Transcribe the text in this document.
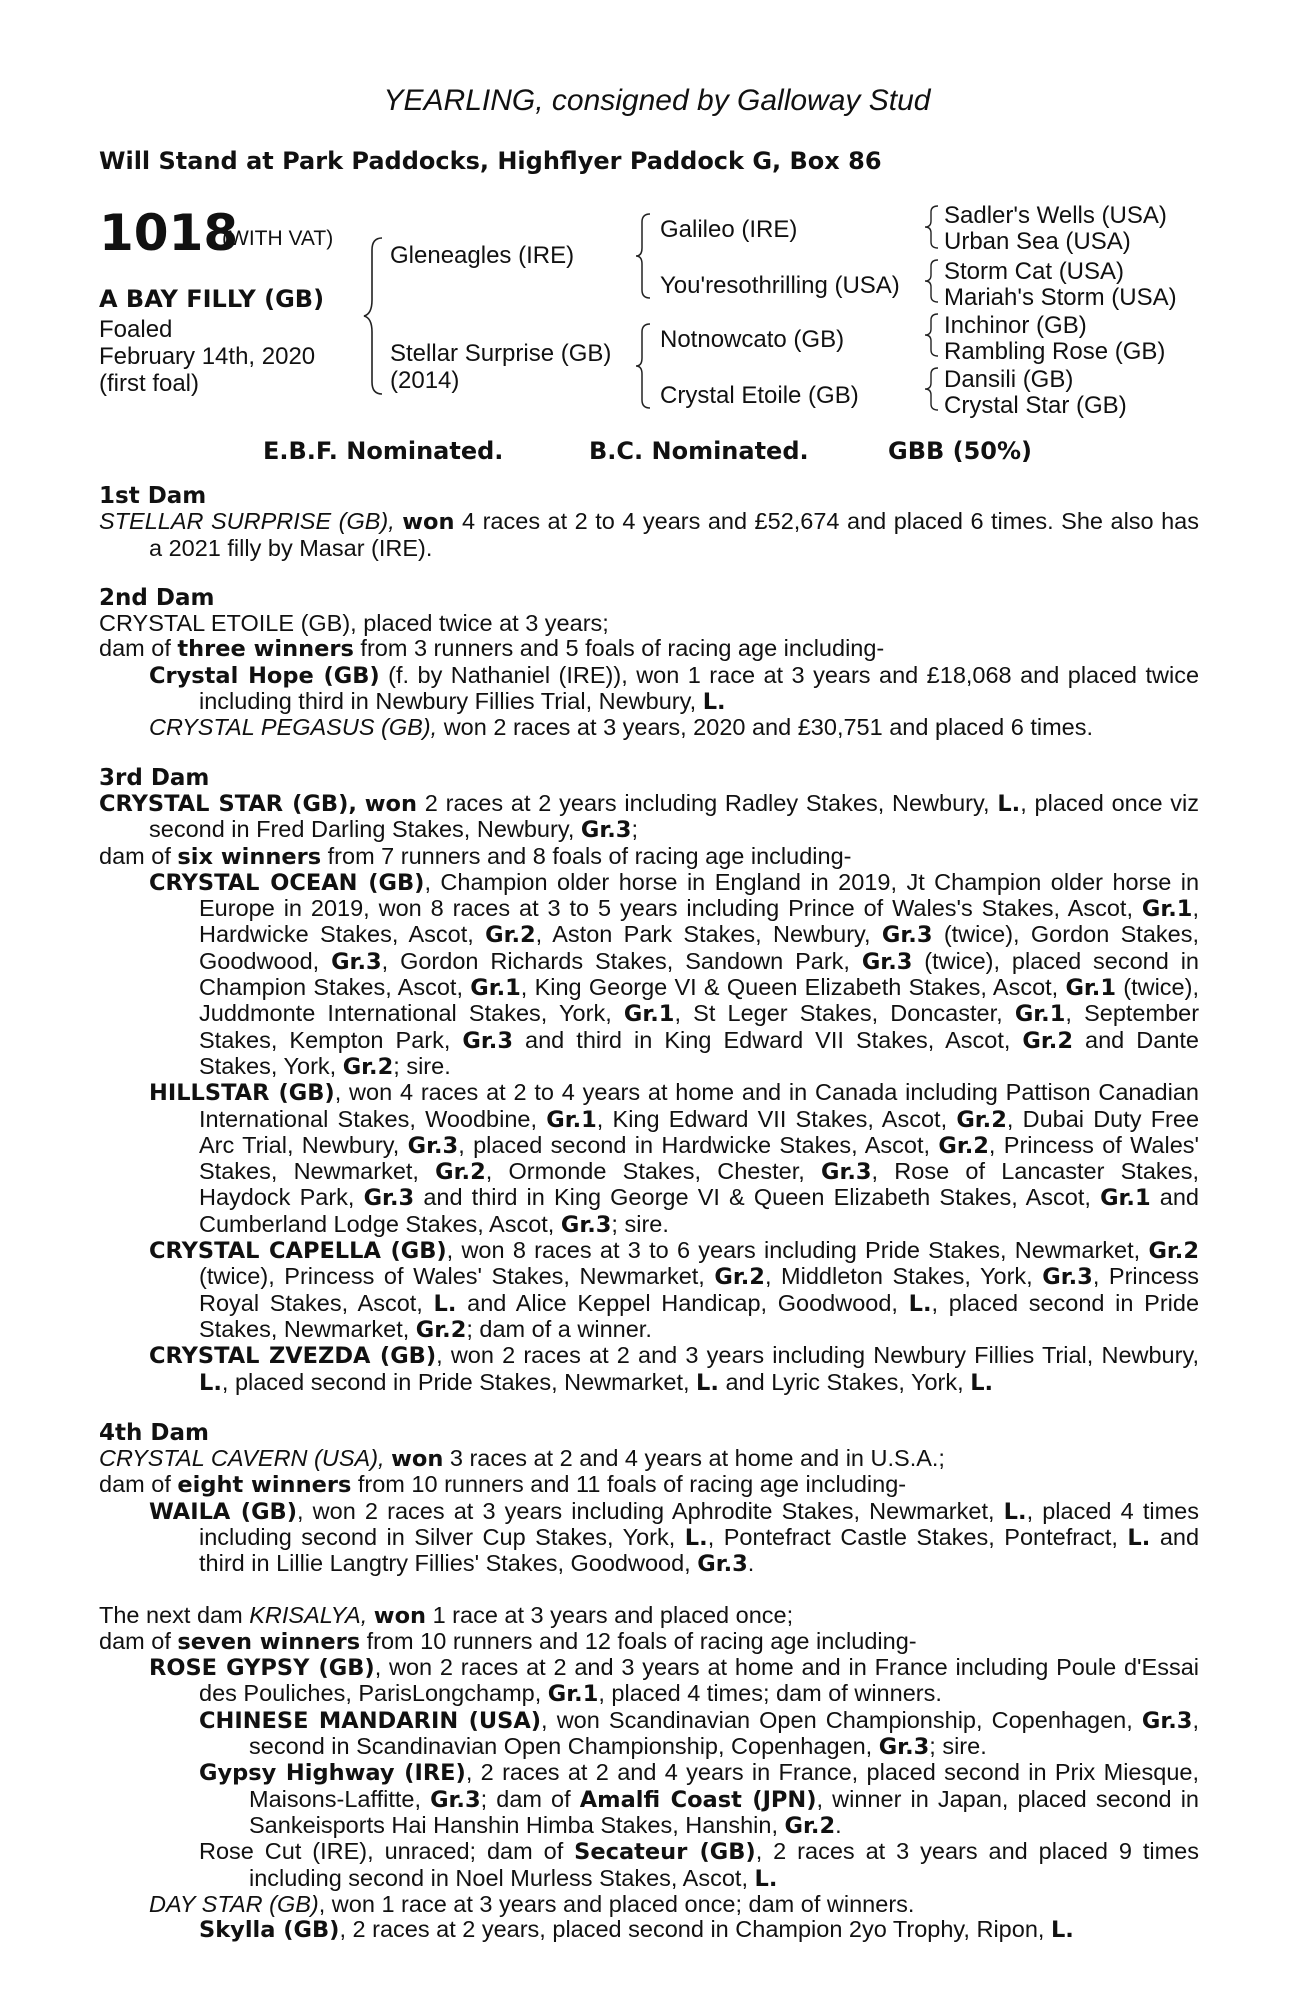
YEARLING, consigned by Galloway Stud
Will Stand at Park Paddocks, Highflyer Paddock G, Box 86
1018
(WITH VAT)
A BAY FILLY (GB)
Foaled
February 14th, 2020
(first foal)
Gleneagles (IRE)
Stellar Surprise (GB)
(2014)
Galileo (IRE)
You'resothrilling (USA)
Notnowcato (GB)
Crystal Etoile (GB)
Sadler's Wells (USA)
Urban Sea (USA)
Storm Cat (USA)
Mariah's Storm (USA)
Inchinor (GB)
Rambling Rose (GB)
Dansili (GB)
Crystal Star (GB)
E.B.F. Nominated.	B.C. Nominated.	GBB (50%)

1st Dam

STELLAR SURPRISE (GB), won 4 races at 2 to 4 years and £52,674 and placed 6 times. She also has a 2021 filly by Masar (IRE).

2nd Dam

CRYSTAL ETOILE (GB), placed twice at 3 years;

dam of three winners from 3 runners and 5 foals of racing age including-

Crystal Hope (GB) (f. by Nathaniel (IRE)), won 1 race at 3 years and £18,068 and placed twice including third in Newbury Fillies Trial, Newbury, L.

CRYSTAL PEGASUS (GB), won 2 races at 3 years, 2020 and £30,751 and placed 6 times.

3rd Dam

CRYSTAL STAR (GB), won 2 races at 2 years including Radley Stakes, Newbury, L., placed once viz second in Fred Darling Stakes, Newbury, Gr.3;

dam of six winners from 7 runners and 8 foals of racing age including-

CRYSTAL OCEAN (GB), Champion older horse in England in 2019, Jt Champion older horse in Europe in 2019, won 8 races at 3 to 5 years including Prince of Wales's Stakes, Ascot, Gr.1, Hardwicke Stakes, Ascot, Gr.2, Aston Park Stakes, Newbury, Gr.3 (twice), Gordon Stakes, Goodwood, Gr.3, Gordon Richards Stakes, Sandown Park, Gr.3 (twice), placed second in Champion Stakes, Ascot, Gr.1, King George VI & Queen Elizabeth Stakes, Ascot, Gr.1 (twice), Juddmonte International Stakes, York, Gr.1, St Leger Stakes, Doncaster, Gr.1, September Stakes, Kempton Park, Gr.3 and third in King Edward VII Stakes, Ascot, Gr.2 and Dante Stakes, York, Gr.2; sire.

HILLSTAR (GB), won 4 races at 2 to 4 years at home and in Canada including Pattison Canadian International Stakes, Woodbine, Gr.1, King Edward VII Stakes, Ascot, Gr.2, Dubai Duty Free Arc Trial, Newbury, Gr.3, placed second in Hardwicke Stakes, Ascot, Gr.2, Princess of Wales' Stakes, Newmarket, Gr.2, Ormonde Stakes, Chester, Gr.3, Rose of Lancaster Stakes, Haydock Park, Gr.3 and third in King George VI & Queen Elizabeth Stakes, Ascot, Gr.1 and Cumberland Lodge Stakes, Ascot, Gr.3; sire.

CRYSTAL CAPELLA (GB), won 8 races at 3 to 6 years including Pride Stakes, Newmarket, Gr.2 (twice), Princess of Wales' Stakes, Newmarket, Gr.2, Middleton Stakes, York, Gr.3, Princess Royal Stakes, Ascot, L. and Alice Keppel Handicap, Goodwood, L., placed second in Pride Stakes, Newmarket, Gr.2; dam of a winner.

CRYSTAL ZVEZDA (GB), won 2 races at 2 and 3 years including Newbury Fillies Trial, Newbury, L., placed second in Pride Stakes, Newmarket, L. and Lyric Stakes, York, L.

4th Dam

CRYSTAL CAVERN (USA), won 3 races at 2 and 4 years at home and in U.S.A.;

dam of eight winners from 10 runners and 11 foals of racing age including-

WAILA (GB), won 2 races at 3 years including Aphrodite Stakes, Newmarket, L., placed 4 times including second in Silver Cup Stakes, York, L., Pontefract Castle Stakes, Pontefract, L. and third in Lillie Langtry Fillies' Stakes, Goodwood, Gr.3.

The next dam KRISALYA, won 1 race at 3 years and placed once;

dam of seven winners from 10 runners and 12 foals of racing age including-

ROSE GYPSY (GB), won 2 races at 2 and 3 years at home and in France including Poule d'Essai des Pouliches, ParisLongchamp, Gr.1, placed 4 times; dam of winners.

CHINESE MANDARIN (USA), won Scandinavian Open Championship, Copenhagen, Gr.3, second in Scandinavian Open Championship, Copenhagen, Gr.3; sire.

Gypsy Highway (IRE), 2 races at 2 and 4 years in France, placed second in Prix Miesque, Maisons-Laffitte, Gr.3; dam of Amalfi Coast (JPN), winner in Japan, placed second in Sankeisports Hai Hanshin Himba Stakes, Hanshin, Gr.2.

Rose Cut (IRE), unraced; dam of Secateur (GB), 2 races at 3 years and placed 9 times including second in Noel Murless Stakes, Ascot, L.

DAY STAR (GB), won 1 race at 3 years and placed once; dam of winners.

Skylla (GB), 2 races at 2 years, placed second in Champion 2yo Trophy, Ripon, L.
